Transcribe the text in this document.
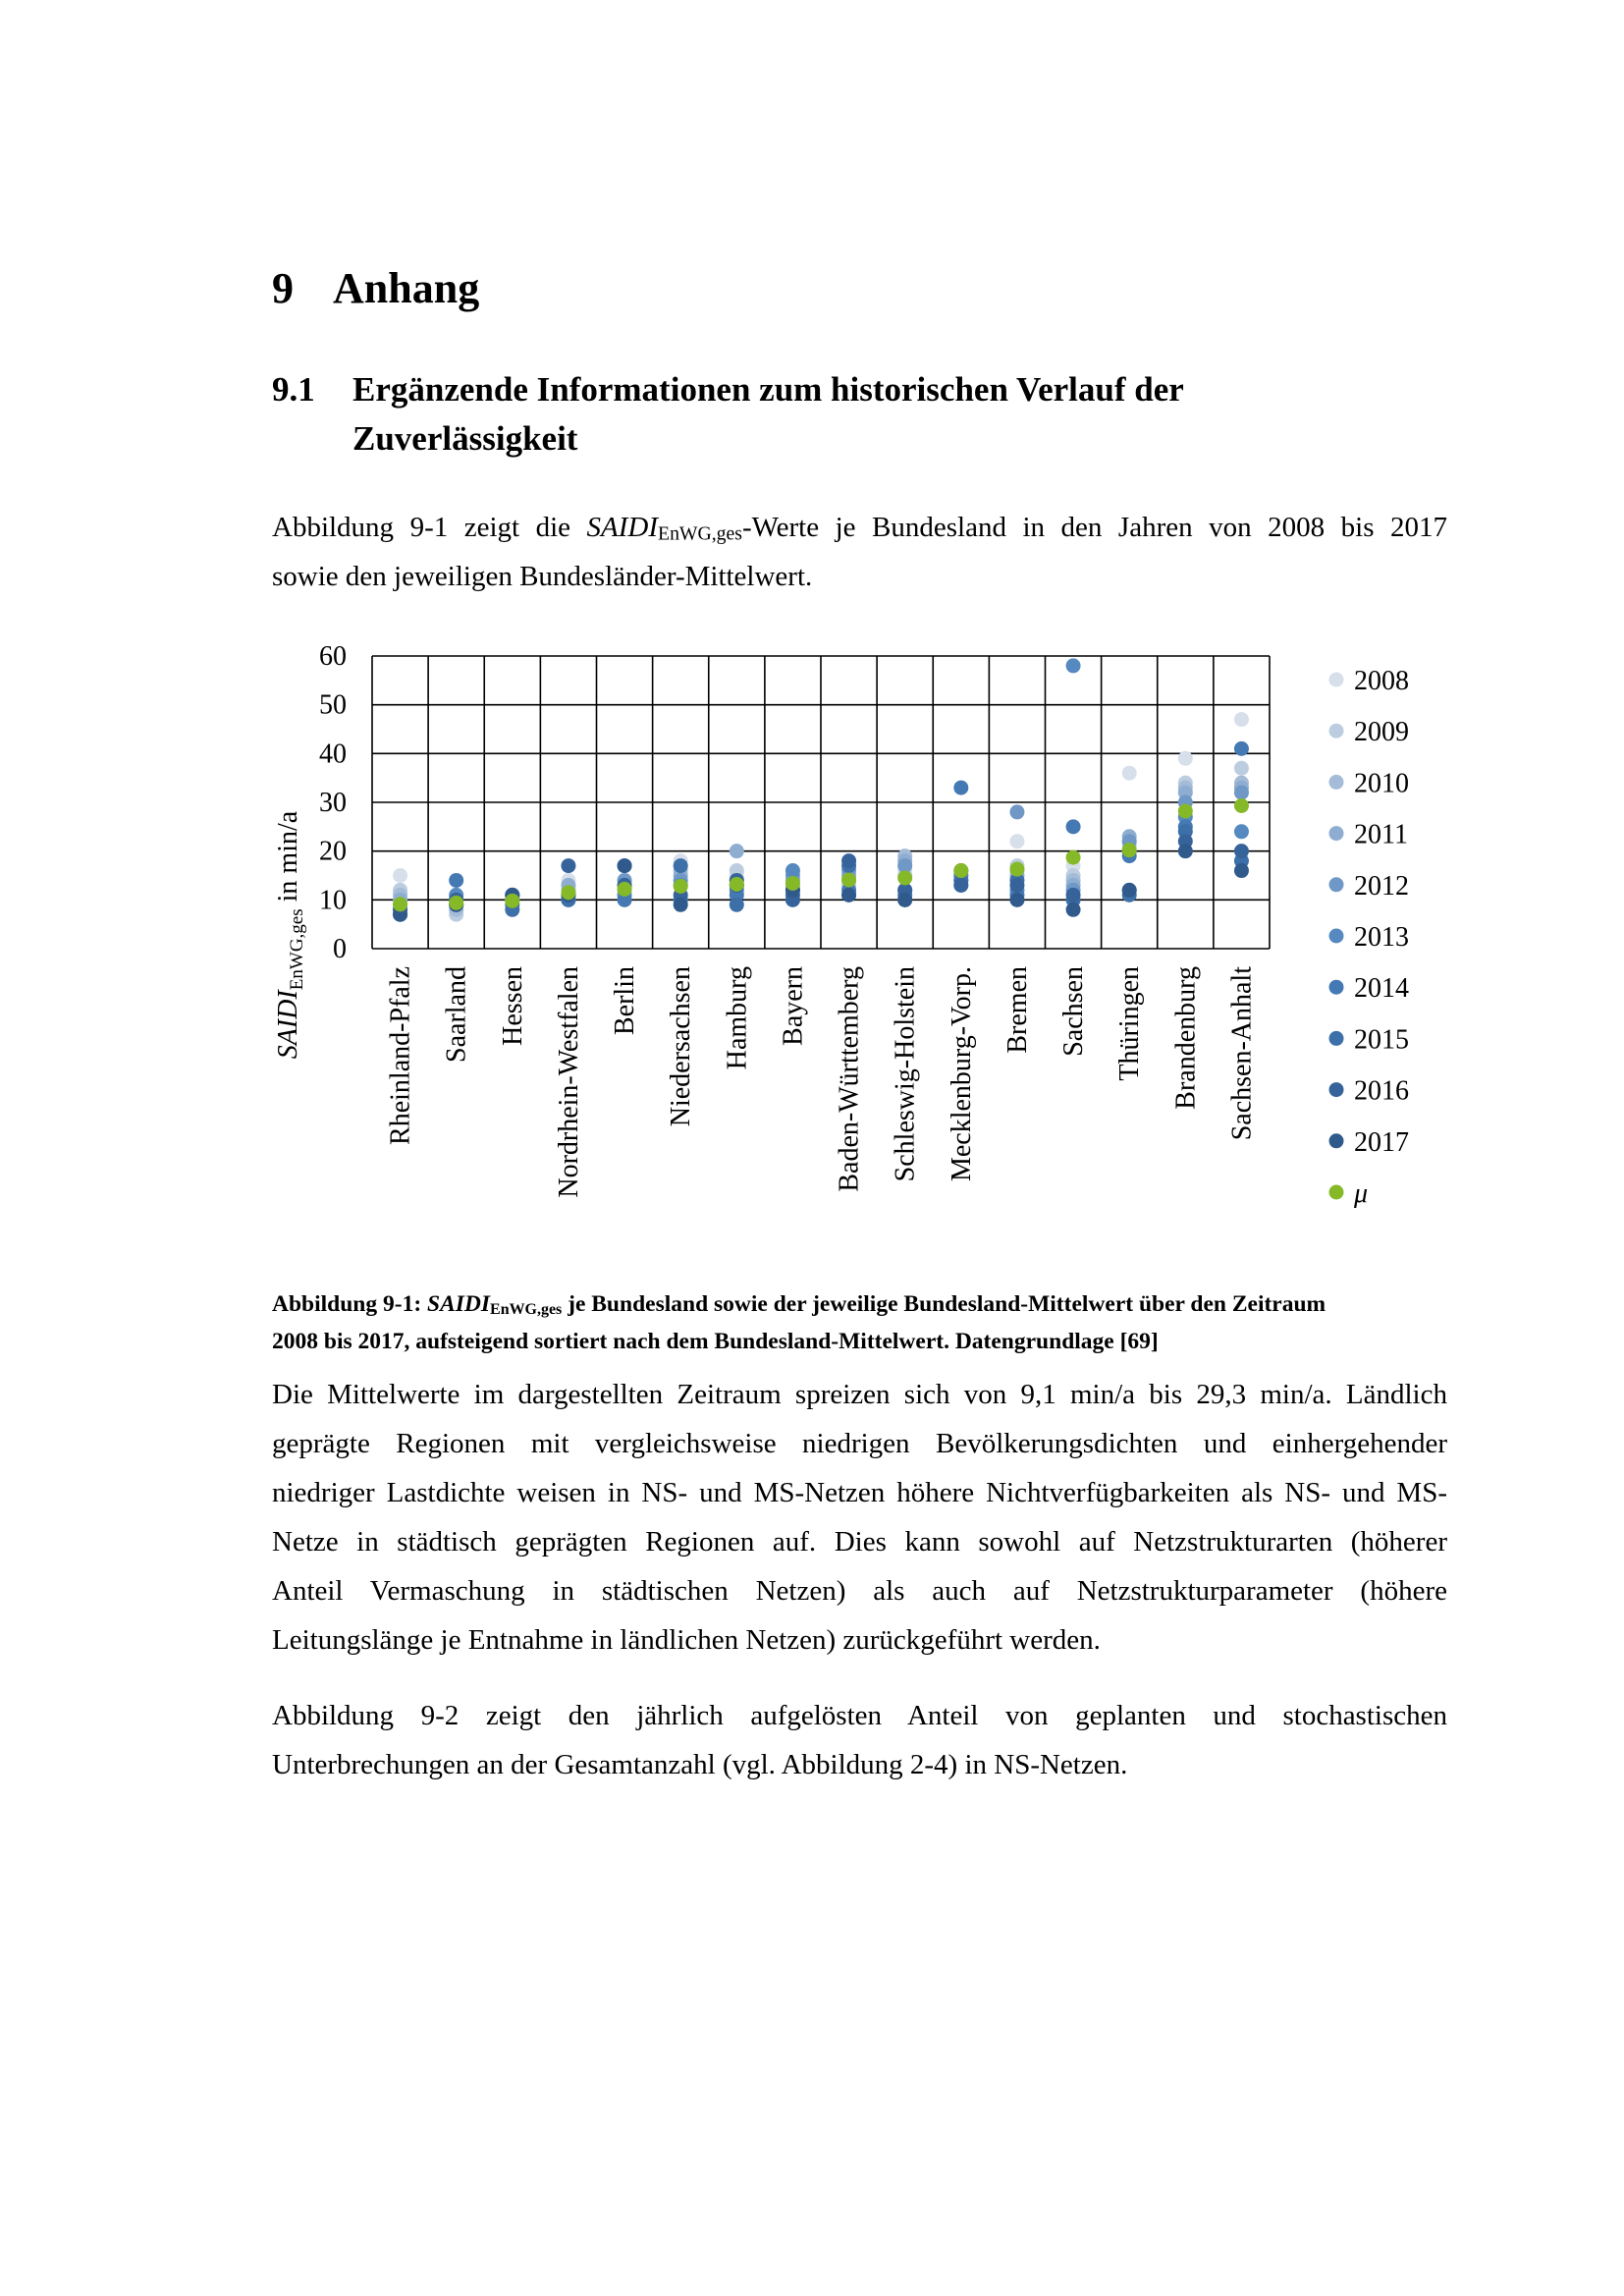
9 Anhang
9.1	Ergänzende Informationen zum historischen Verlauf der
Zuverlässigkeit
Abbildung 9-1 zeigt die $SAIDI_{EnWG,ges}$-Werte je Bundesland in den Jahren von 2008 bis 2017
sowie den jeweiligen Bundesländer-Mittelwert.
0
10
20
30
40
50
60
Rheinland-Pfalz Saarland Hessen Nordrhein-Westfalen Berlin Niedersachsen Hamburg Bayern Baden-Württemberg Schleswig-Holstein Mecklenburg-Vorp. Bremen Sachsen Thüringen Brandenburg Sachsen-Anhalt
2008
2009
2010
2011
2012
2013
2014
2015
2016
2017
μ
$SAIDI_{EnWG,ges}$ in min/a
Abbildung 9-1: $SAIDI_{EnWG,ges}$ je Bundesland sowie der jeweilige Bundesland-Mittelwert über den Zeitraum
2008 bis 2017, aufsteigend sortiert nach dem Bundesland-Mittelwert. Datengrundlage [69]
Die Mittelwerte im dargestellten Zeitraum spreizen sich von 9,1 min/a bis 29,3 min/a. Ländlich
geprägte Regionen mit vergleichsweise niedrigen Bevölkerungsdichten und einhergehender
niedriger Lastdichte weisen in NS- und MS-Netzen höhere Nichtverfügbarkeiten als NS- und MS-
Netze in städtisch geprägten Regionen auf. Dies kann sowohl auf Netzstrukturarten (höherer
Anteil Vermaschung in städtischen Netzen) als auch auf Netzstrukturparameter (höhere
Leitungslänge je Entnahme in ländlichen Netzen) zurückgeführt werden.
Abbildung 9-2 zeigt den jährlich aufgelösten Anteil von geplanten und stochastischen
Unterbrechungen an der Gesamtanzahl (vgl. Abbildung 2-4) in NS-Netzen.
